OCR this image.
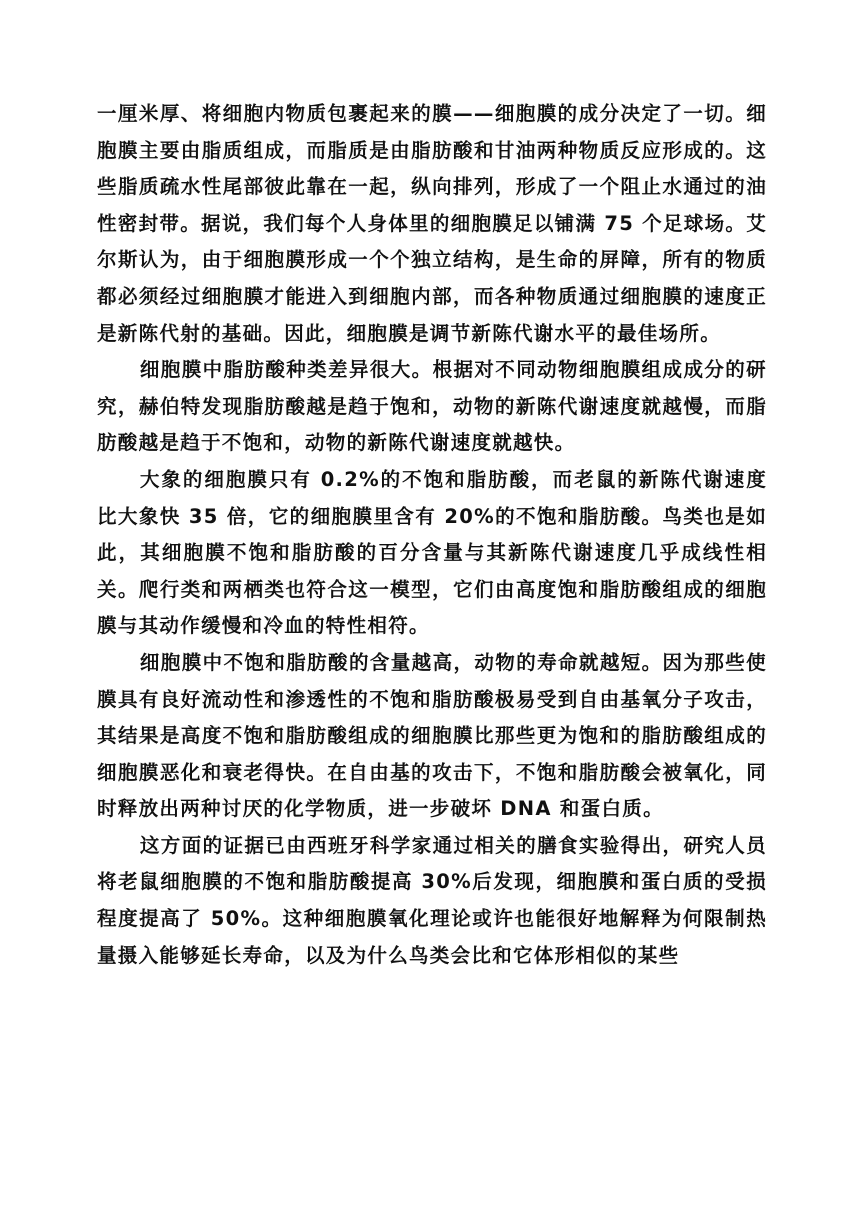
一厘米厚、将细胞内物质包裹起来的膜——细胞膜的成分决定了一切。细胞膜主要由脂质组成，而脂质是由脂肪酸和甘油两种物质反应形成的。这些脂质疏水性尾部彼此靠在一起，纵向排列，形成了一个阻止水通过的油性密封带。据说，我们每个人身体里的细胞膜足以铺满 75 个足球场。艾尔斯认为，由于细胞膜形成一个个独立结构，是生命的屏障，所有的物质都必须经过细胞膜才能进入到细胞内部，而各种物质通过细胞膜的速度正是新陈代射的基础。因此，细胞膜是调节新陈代谢水平的最佳场所。

细胞膜中脂肪酸种类差异很大。根据对不同动物细胞膜组成成分的研究，赫伯特发现脂肪酸越是趋于饱和，动物的新陈代谢速度就越慢，而脂肪酸越是趋于不饱和，动物的新陈代谢速度就越快。

大象的细胞膜只有 0.2%的不饱和脂肪酸，而老鼠的新陈代谢速度比大象快 35 倍，它的细胞膜里含有 20%的不饱和脂肪酸。鸟类也是如此，其细胞膜不饱和脂肪酸的百分含量与其新陈代谢速度几乎成线性相关。爬行类和两栖类也符合这一模型，它们由高度饱和脂肪酸组成的细胞膜与其动作缓慢和冷血的特性相符。

细胞膜中不饱和脂肪酸的含量越高，动物的寿命就越短。因为那些使膜具有良好流动性和渗透性的不饱和脂肪酸极易受到自由基氧分子攻击，其结果是高度不饱和脂肪酸组成的细胞膜比那些更为饱和的脂肪酸组成的细胞膜恶化和衰老得快。在自由基的攻击下，不饱和脂肪酸会被氧化，同时释放出两种讨厌的化学物质，进一步破坏 DNA 和蛋白质。

这方面的证据已由西班牙科学家通过相关的膳食实验得出，研究人员将老鼠细胞膜的不饱和脂肪酸提高 30%后发现，细胞膜和蛋白质的受损程度提高了 50%。这种细胞膜氧化理论或许也能很好地解释为何限制热量摄入能够延长寿命，以及为什么鸟类会比和它体形相似的某些
